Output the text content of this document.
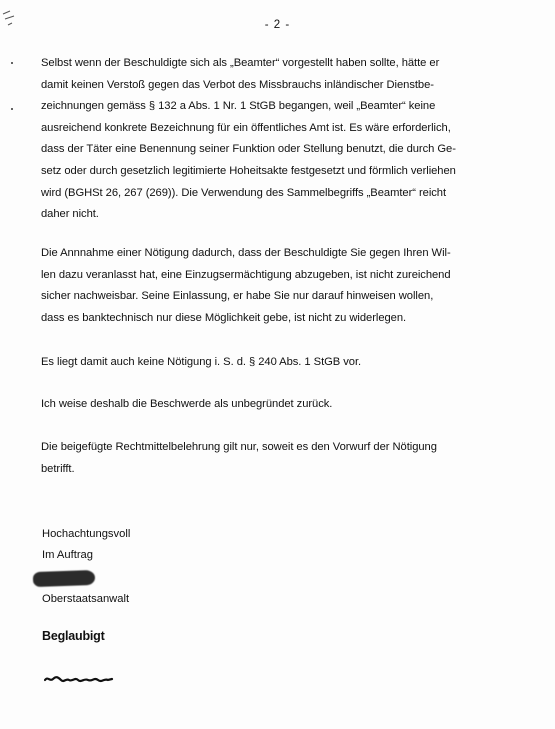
- 2 -

Selbst wenn der Beschuldigte sich als „Beamter“ vorgestellt haben sollte, hätte er
damit keinen Verstoß gegen das Verbot des Missbrauchs inländischer Dienstbe-
zeichnungen gemäss § 132 a Abs. 1 Nr. 1 StGB begangen, weil „Beamter“ keine
ausreichend konkrete Bezeichnung für ein öffentliches Amt ist. Es wäre erforderlich,
dass der Täter eine Benennung seiner Funktion oder Stellung benutzt, die durch Ge-
setz oder durch gesetzlich legitimierte Hoheitsakte festgesetzt und förmlich verliehen
wird (BGHSt 26, 267 (269)). Die Verwendung des Sammelbegriffs „Beamter“ reicht
daher nicht.

Die Annnahme einer Nötigung dadurch, dass der Beschuldigte Sie gegen Ihren Wil-
len dazu veranlasst hat, eine Einzugsermächtigung abzugeben, ist nicht zureichend
sicher nachweisbar. Seine Einlassung, er habe Sie nur darauf hinweisen wollen,
dass es banktechnisch nur diese Möglichkeit gebe, ist nicht zu widerlegen.

Es liegt damit auch keine Nötigung i. S. d. § 240 Abs. 1 StGB vor.

Ich weise deshalb die Beschwerde als unbegründet zurück.

Die beigefügte Rechtmittelbelehrung gilt nur, soweit es den Vorwurf der Nötigung
betrifft.

Hochachtungsvoll
Im Auftrag
Oberstaatsanwalt
Beglaubigt
